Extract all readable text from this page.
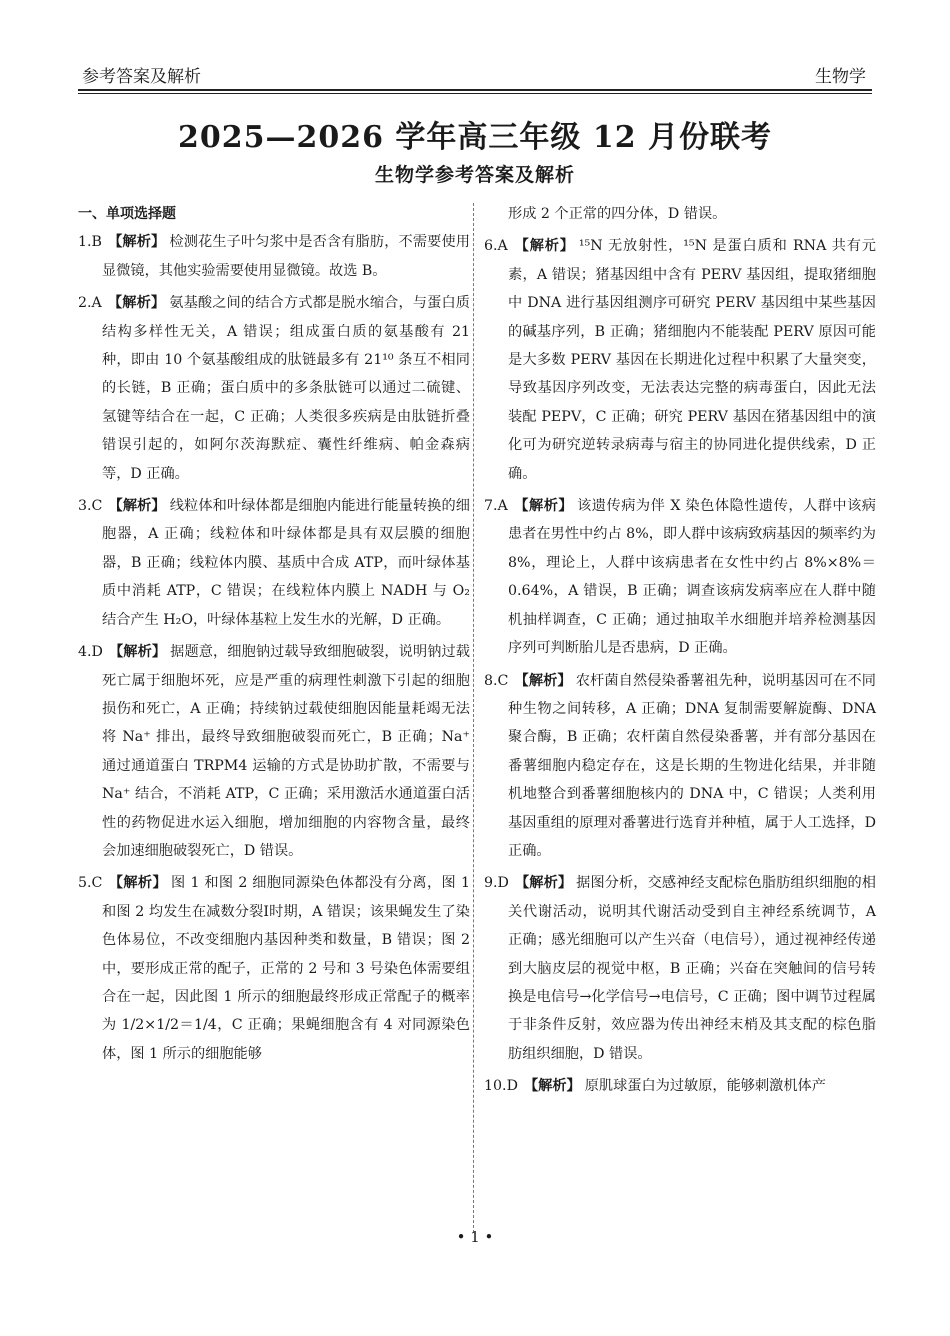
参考答案及解析	生物学
2025—2026 学年高三年级 12 月份联考
生物学参考答案及解析

一、单项选择题

1.B 【解析】 检测花生子叶匀浆中是否含有脂肪，不需要使用显微镜，其他实验需要使用显微镜。故选 B。

2.A 【解析】 氨基酸之间的结合方式都是脱水缩合，与蛋白质结构多样性无关，A 错误；组成蛋白质的氨基酸有 21 种，即由 10 个氨基酸组成的肽链最多有 21¹⁰ 条互不相同的长链，B 正确；蛋白质中的多条肽链可以通过二硫键、氢键等结合在一起，C 正确；人类很多疾病是由肽链折叠错误引起的，如阿尔茨海默症、囊性纤维病、帕金森病等，D 正确。

3.C 【解析】 线粒体和叶绿体都是细胞内能进行能量转换的细胞器，A 正确；线粒体和叶绿体都是具有双层膜的细胞器，B 正确；线粒体内膜、基质中合成 ATP，而叶绿体基质中消耗 ATP，C 错误；在线粒体内膜上 NADH 与 O₂ 结合产生 H₂O，叶绿体基粒上发生水的光解，D 正确。

4.D 【解析】 据题意，细胞钠过载导致细胞破裂，说明钠过载死亡属于细胞坏死，应是严重的病理性刺激下引起的细胞损伤和死亡，A 正确；持续钠过载使细胞因能量耗竭无法将 Na⁺ 排出，最终导致细胞破裂而死亡，B 正确；Na⁺ 通过通道蛋白 TRPM4 运输的方式是协助扩散，不需要与 Na⁺ 结合，不消耗 ATP，C 正确；采用激活水通道蛋白活性的药物促进水运入细胞，增加细胞的内容物含量，最终会加速细胞破裂死亡，D 错误。

5.C 【解析】 图 1 和图 2 细胞同源染色体都没有分离，图 1 和图 2 均发生在减数分裂Ⅰ时期，A 错误；该果蝇发生了染色体易位，不改变细胞内基因种类和数量，B 错误；图 2 中，要形成正常的配子，正常的 2 号和 3 号染色体需要组合在一起，因此图 1 所示的细胞最终形成正常配子的概率为 1/2×1/2＝1/4，C 正确；果蝇细胞含有 4 对同源染色体，图 1 所示的细胞能够

形成 2 个正常的四分体，D 错误。

6.A 【解析】 ¹⁵N 无放射性，¹⁵N 是蛋白质和 RNA 共有元素，A 错误；猪基因组中含有 PERV 基因组，提取猪细胞中 DNA 进行基因组测序可研究 PERV 基因组中某些基因的碱基序列，B 正确；猪细胞内不能装配 PERV 原因可能是大多数 PERV 基因在长期进化过程中积累了大量突变，导致基因序列改变，无法表达完整的病毒蛋白，因此无法装配 PEPV，C 正确；研究 PERV 基因在猪基因组中的演化可为研究逆转录病毒与宿主的协同进化提供线索，D 正确。

7.A 【解析】 该遗传病为伴 X 染色体隐性遗传，人群中该病患者在男性中约占 8%，即人群中该病致病基因的频率约为 8%，理论上，人群中该病患者在女性中约占 8%×8%＝0.64%，A 错误，B 正确；调查该病发病率应在人群中随机抽样调查，C 正确；通过抽取羊水细胞并培养检测基因序列可判断胎儿是否患病，D 正确。

8.C 【解析】 农杆菌自然侵染番薯祖先种，说明基因可在不同种生物之间转移，A 正确；DNA 复制需要解旋酶、DNA 聚合酶，B 正确；农杆菌自然侵染番薯，并有部分基因在番薯细胞内稳定存在，这是长期的生物进化结果，并非随机地整合到番薯细胞核内的 DNA 中，C 错误；人类利用基因重组的原理对番薯进行选育并种植，属于人工选择，D 正确。

9.D 【解析】 据图分析，交感神经支配棕色脂肪组织细胞的相关代谢活动，说明其代谢活动受到自主神经系统调节，A 正确；感光细胞可以产生兴奋（电信号），通过视神经传递到大脑皮层的视觉中枢，B 正确；兴奋在突触间的信号转换是电信号→化学信号→电信号，C 正确；图中调节过程属于非条件反射，效应器为传出神经末梢及其支配的棕色脂肪组织细胞，D 错误。

10.D 【解析】 原肌球蛋白为过敏原，能够刺激机体产

• 1 •
